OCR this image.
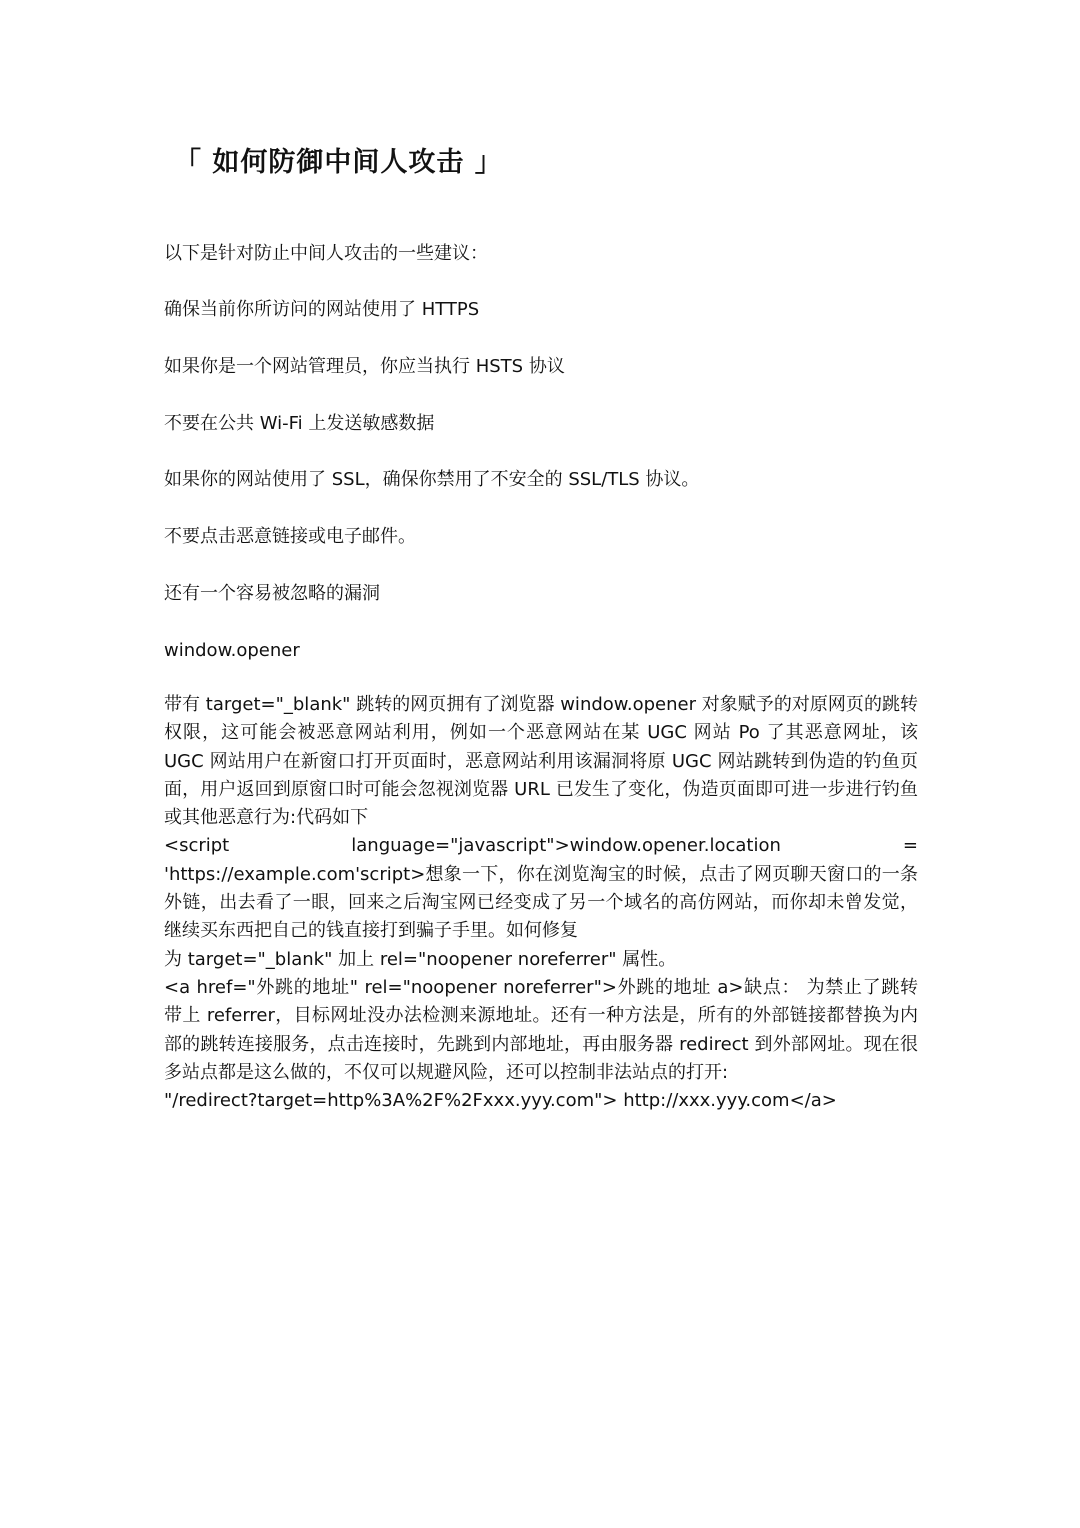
「 如何防御中间人攻击 」

以下是针对防止中间人攻击的一些建议：

确保当前你所访问的网站使用了 HTTPS

如果你是一个网站管理员，你应当执行 HSTS 协议

不要在公共 Wi-Fi 上发送敏感数据

如果你的网站使用了 SSL，确保你禁用了不安全的 SSL/TLS 协议。

不要点击恶意链接或电子邮件。

还有一个容易被忽略的漏洞

window.opener

带有 target="_blank" 跳转的网页拥有了浏览器 window.opener 对象赋予的对原网页的跳转权限，这可能会被恶意网站利用，例如一个恶意网站在某 UGC 网站 Po 了其恶意网址，该 UGC 网站用户在新窗口打开页面时，恶意网站利用该漏洞将原 UGC 网站跳转到伪造的钓鱼页面，用户返回到原窗口时可能会忽视浏览器 URL 已发生了变化，伪造页面即可进一步进行钓鱼或其他恶意行为:代码如下
<script language="javascript">window.opener.location = 'https://example.com'script>想象一下，你在浏览淘宝的时候，点击了网页聊天窗口的一条外链，出去看了一眼，回来之后淘宝网已经变成了另一个域名的高仿网站，而你却未曾发觉，继续买东西把自己的钱直接打到骗子手里。如何修复
为 target="_blank" 加上 rel="noopener noreferrer" 属性。
<a href="外跳的地址" rel="noopener noreferrer">外跳的地址 a>缺点： 为禁止了跳转带上 referrer，目标网址没办法检测来源地址。还有一种方法是，所有的外部链接都替换为内部的跳转连接服务，点击连接时，先跳到内部地址，再由服务器 redirect 到外部网址。现在很多站点都是这么做的，不仅可以规避风险，还可以控制非法站点的打开:
"/redirect?target=http%3A%2F%2Fxxx.yyy.com"> http://xxx.yyy.com</a>
